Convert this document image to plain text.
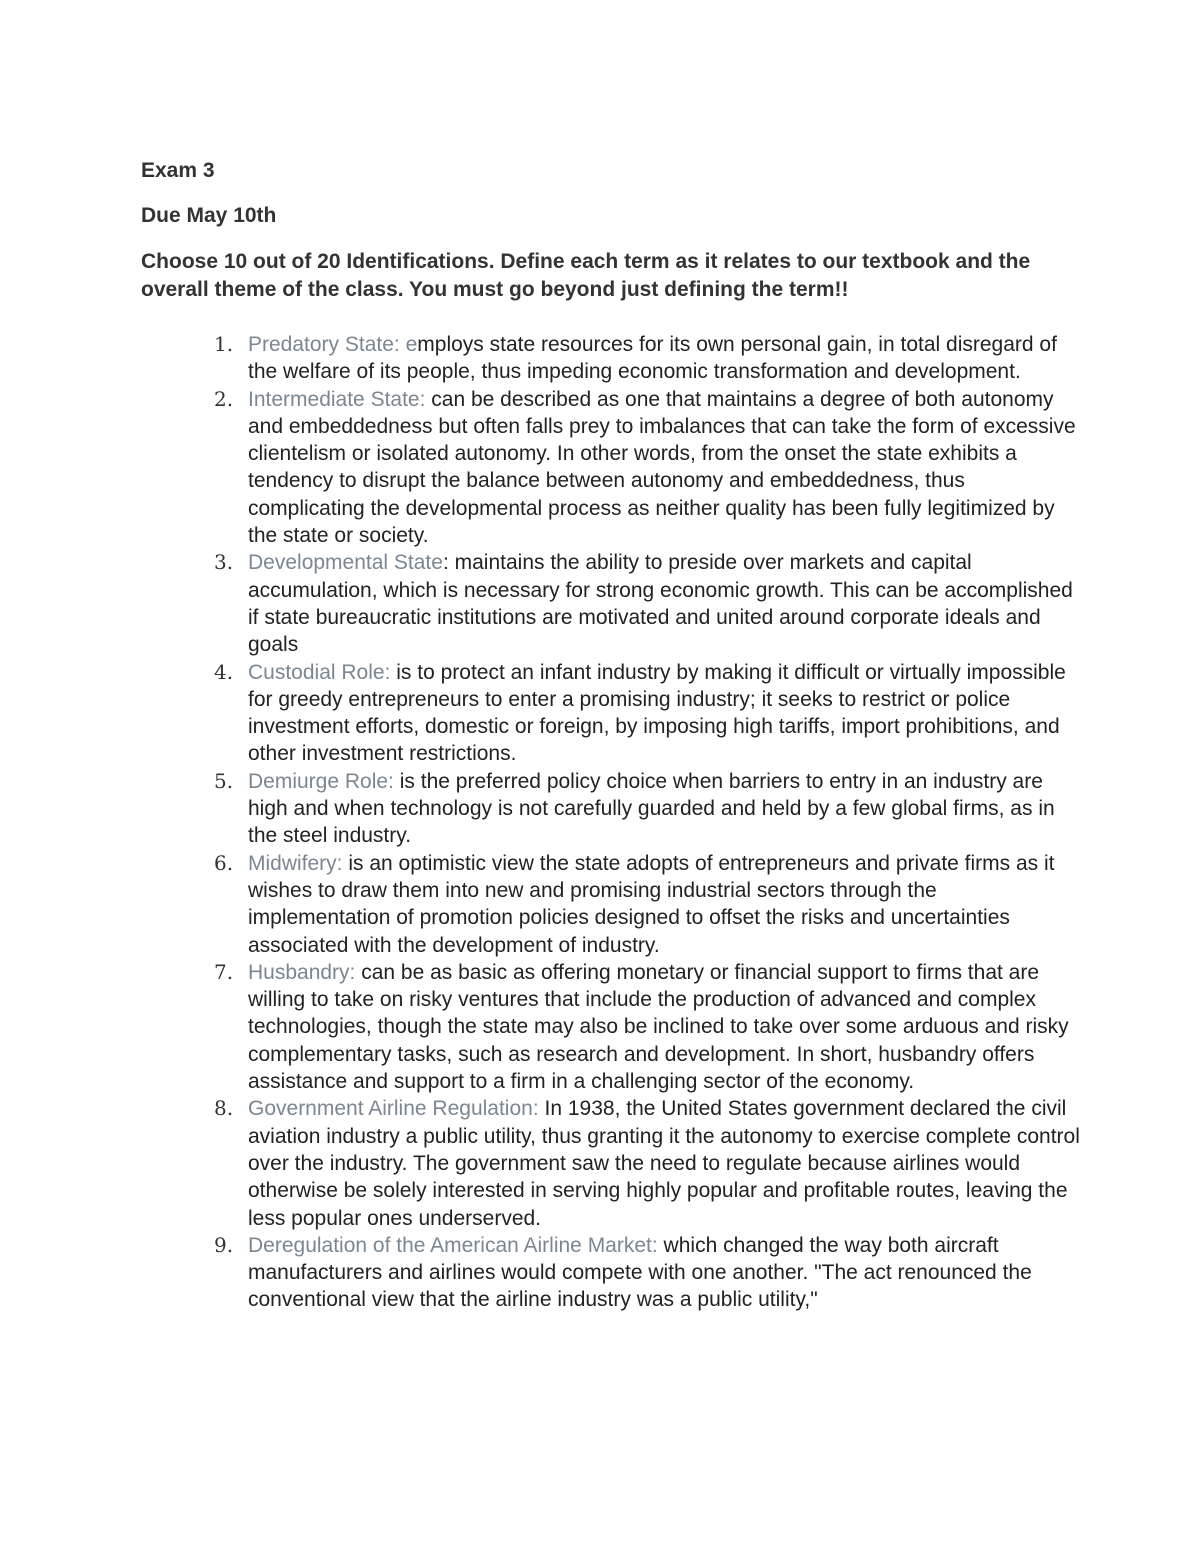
Exam 3

Due May 10th

Choose 10 out of 20 Identifications. Define each term as it relates to our textbook and the overall theme of the class. You must go beyond just defining the term!!

1. Predatory State: employs state resources for its own personal gain, in total disregard of the welfare of its people, thus impeding economic transformation and development.
2. Intermediate State: can be described as one that maintains a degree of both autonomy and embeddedness but often falls prey to imbalances that can take the form of excessive clientelism or isolated autonomy. In other words, from the onset the state exhibits a tendency to disrupt the balance between autonomy and embeddedness, thus complicating the developmental process as neither quality has been fully legitimized by the state or society.
3. Developmental State: maintains the ability to preside over markets and capital accumulation, which is necessary for strong economic growth. This can be accomplished if state bureaucratic institutions are motivated and united around corporate ideals and goals
4. Custodial Role: is to protect an infant industry by making it difficult or virtually impossible for greedy entrepreneurs to enter a promising industry; it seeks to restrict or police investment efforts, domestic or foreign, by imposing high tariffs, import prohibitions, and other investment restrictions.
5. Demiurge Role: is the preferred policy choice when barriers to entry in an industry are high and when technology is not carefully guarded and held by a few global firms, as in the steel industry.
6. Midwifery: is an optimistic view the state adopts of entrepreneurs and private firms as it wishes to draw them into new and promising industrial sectors through the implementation of promotion policies designed to offset the risks and uncertainties associated with the development of industry.
7. Husbandry: can be as basic as offering monetary or financial support to firms that are willing to take on risky ventures that include the production of advanced and complex technologies, though the state may also be inclined to take over some arduous and risky complementary tasks, such as research and development. In short, husbandry offers assistance and support to a firm in a challenging sector of the economy.
8. Government Airline Regulation: In 1938, the United States government declared the civil aviation industry a public utility, thus granting it the autonomy to exercise complete control over the industry. The government saw the need to regulate because airlines would otherwise be solely interested in serving highly popular and profitable routes, leaving the less popular ones underserved.
9. Deregulation of the American Airline Market: which changed the way both aircraft manufacturers and airlines would compete with one another. "The act renounced the conventional view that the airline industry was a public utility,"
